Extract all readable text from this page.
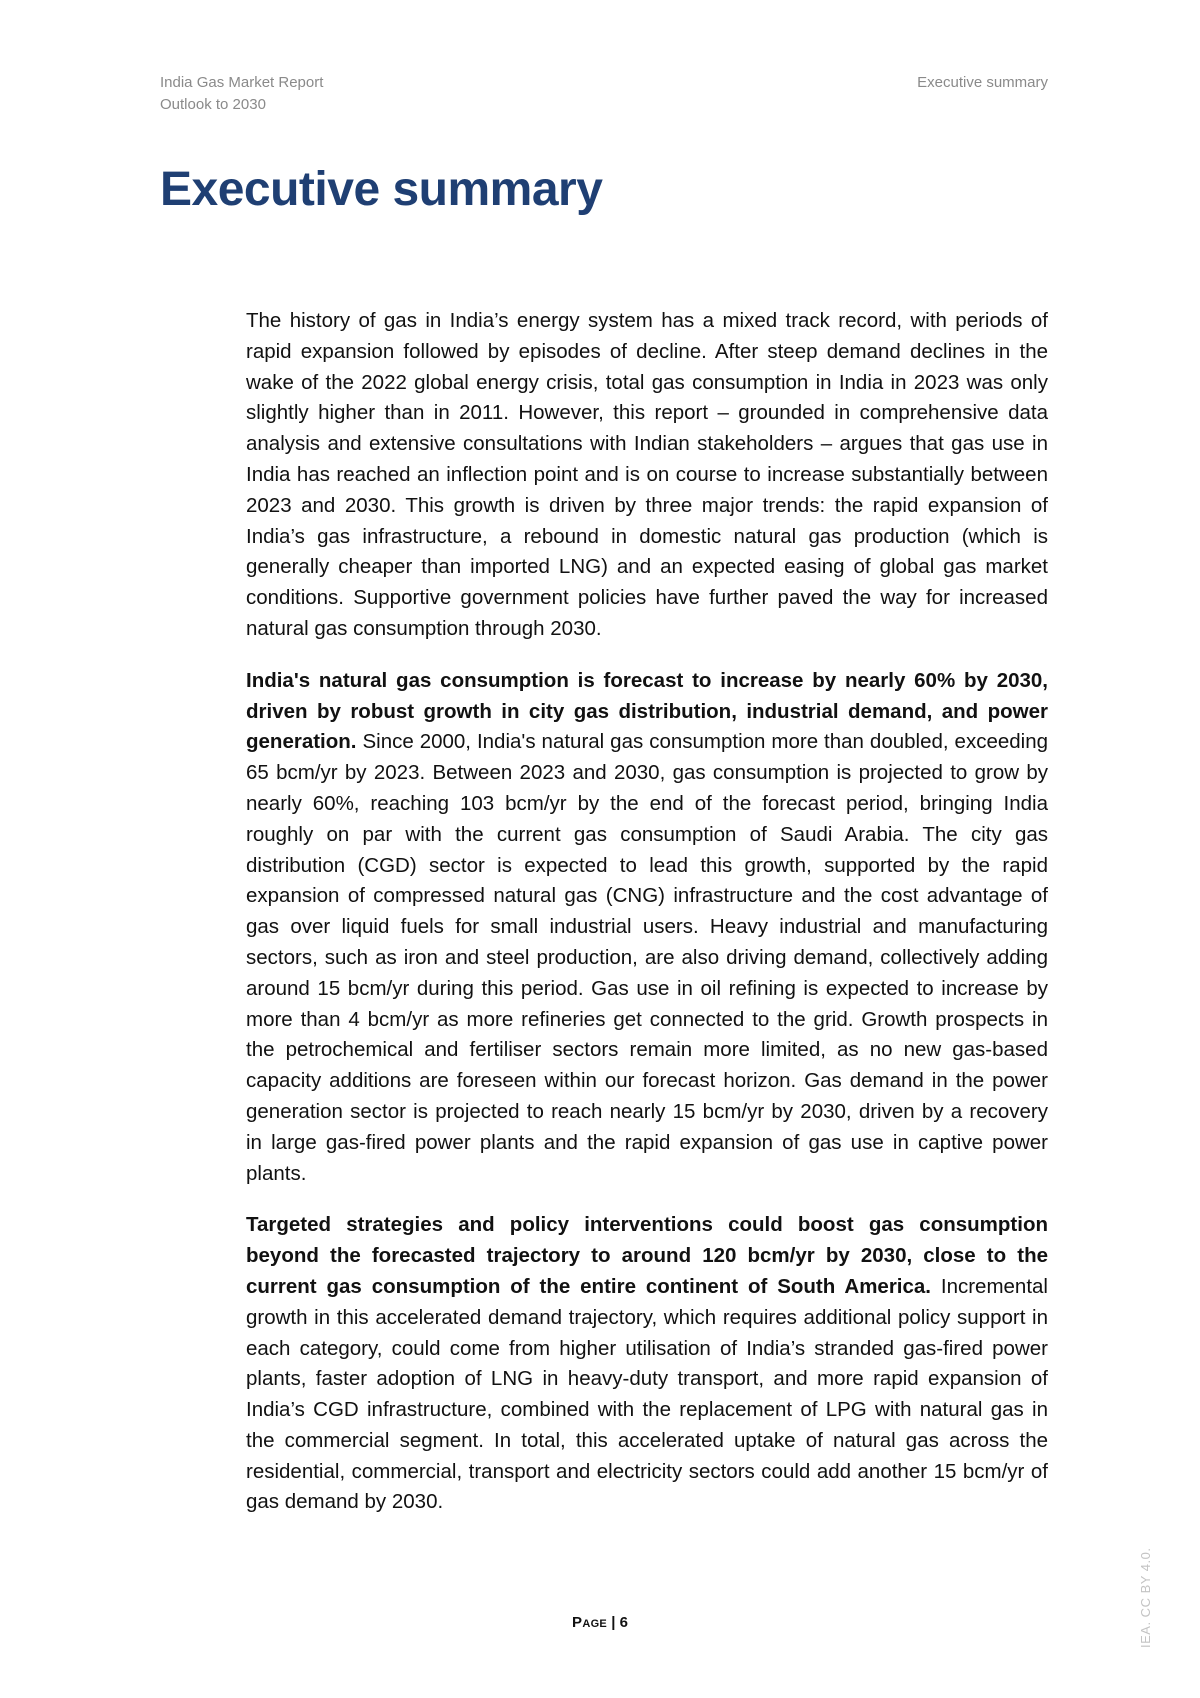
India Gas Market Report
Outlook to 2030
Executive summary
Executive summary

The history of gas in India’s energy system has a mixed track record, with periods of rapid expansion followed by episodes of decline. After steep demand declines in the wake of the 2022 global energy crisis, total gas consumption in India in 2023 was only slightly higher than in 2011. However, this report – grounded in comprehensive data analysis and extensive consultations with Indian stakeholders – argues that gas use in India has reached an inflection point and is on course to increase substantially between 2023 and 2030. This growth is driven by three major trends: the rapid expansion of India’s gas infrastructure, a rebound in domestic natural gas production (which is generally cheaper than imported LNG) and an expected easing of global gas market conditions. Supportive government policies have further paved the way for increased natural gas consumption through 2030.

India's natural gas consumption is forecast to increase by nearly 60% by 2030, driven by robust growth in city gas distribution, industrial demand, and power generation. Since 2000, India's natural gas consumption more than doubled, exceeding 65 bcm/yr by 2023. Between 2023 and 2030, gas consumption is projected to grow by nearly 60%, reaching 103 bcm/yr by the end of the forecast period, bringing India roughly on par with the current gas consumption of Saudi Arabia. The city gas distribution (CGD) sector is expected to lead this growth, supported by the rapid expansion of compressed natural gas (CNG) infrastructure and the cost advantage of gas over liquid fuels for small industrial users. Heavy industrial and manufacturing sectors, such as iron and steel production, are also driving demand, collectively adding around 15 bcm/yr during this period. Gas use in oil refining is expected to increase by more than 4 bcm/yr as more refineries get connected to the grid. Growth prospects in the petrochemical and fertiliser sectors remain more limited, as no new gas-based capacity additions are foreseen within our forecast horizon. Gas demand in the power generation sector is projected to reach nearly 15 bcm/yr by 2030, driven by a recovery in large gas-fired power plants and the rapid expansion of gas use in captive power plants.

Targeted strategies and policy interventions could boost gas consumption beyond the forecasted trajectory to around 120 bcm/yr by 2030, close to the current gas consumption of the entire continent of South America. Incremental growth in this accelerated demand trajectory, which requires additional policy support in each category, could come from higher utilisation of India’s stranded gas-fired power plants, faster adoption of LNG in heavy-duty transport, and more rapid expansion of India’s CGD infrastructure, combined with the replacement of LPG with natural gas in the commercial segment. In total, this accelerated uptake of natural gas across the residential, commercial, transport and electricity sectors could add another 15 bcm/yr of gas demand by 2030.

Page | 6	IEA. CC BY 4.0.
